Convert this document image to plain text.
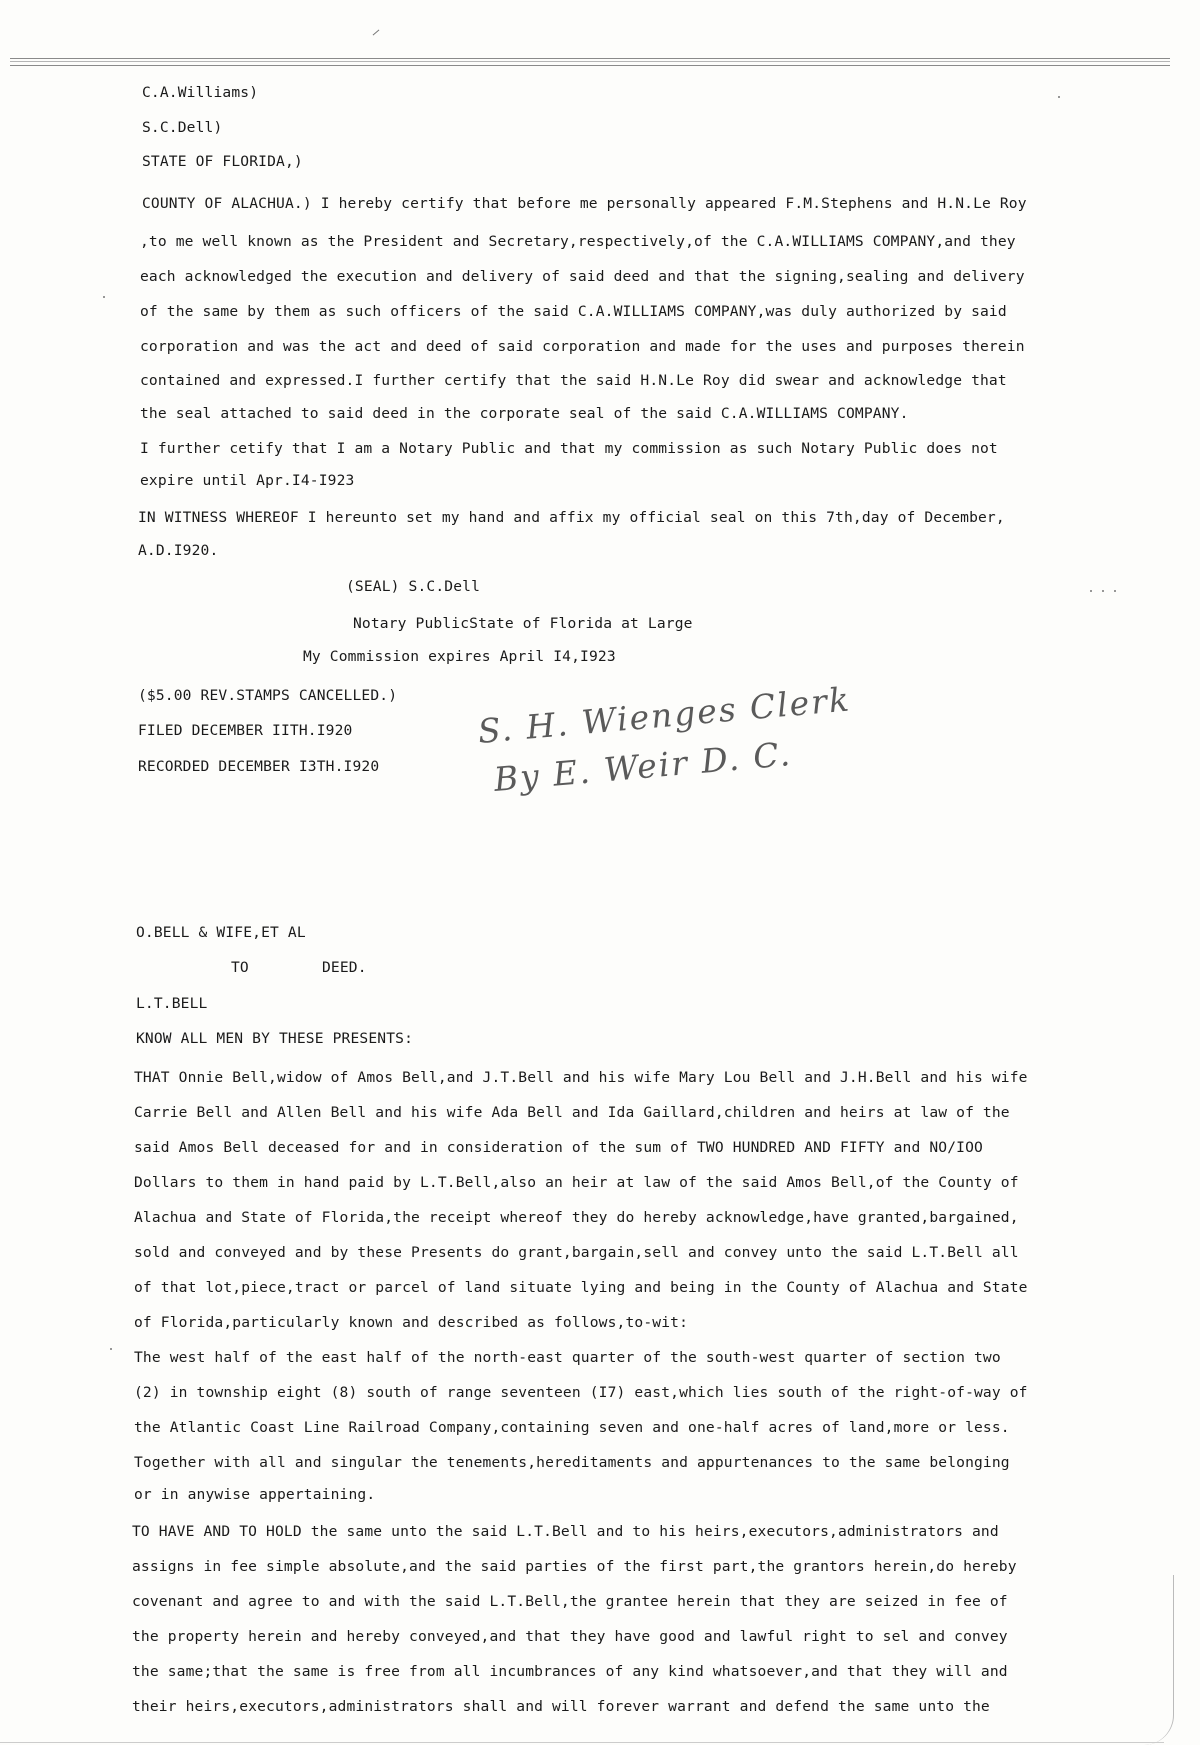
C.A.Williams)
S.C.Dell)
STATE OF FLORIDA,)
COUNTY OF ALACHUA.) I hereby certify that before me personally appeared F.M.Stephens and H.N.Le Roy
,to me well known as the President and Secretary,respectively,of the C.A.WILLIAMS COMPANY,and they
each acknowledged the execution and delivery of said deed and that the signing,sealing and delivery
of the same by them as such officers of the said C.A.WILLIAMS COMPANY,was duly authorized by said
corporation and was the act and deed of said corporation and made for the uses and purposes therein
contained and expressed.I further certify that the said H.N.Le Roy did swear and acknowledge that
the seal attached to said deed in the corporate seal of the said C.A.WILLIAMS COMPANY.
I further cetify that I am a Notary Public and that my commission as such Notary Public does not
expire until Apr.I4-I923
IN WITNESS WHEREOF I hereunto set my hand and affix my official seal on this 7th,day of December,
A.D.I920.
(SEAL) S.C.Dell
Notary PublicState of Florida at Large
My Commission expires April I4,I923
($5.00 REV.STAMPS CANCELLED.)
FILED DECEMBER IITH.I920
RECORDED DECEMBER I3TH.I920
S. H. Wienges Clerk
By E. Weir D. C.
O.BELL & WIFE,ET AL
TO	DEED.
L.T.BELL
KNOW ALL MEN BY THESE PRESENTS:
THAT Onnie Bell,widow of Amos Bell,and J.T.Bell and his wife Mary Lou Bell and J.H.Bell and his wife
Carrie Bell and Allen Bell and his wife Ada Bell and Ida Gaillard,children and heirs at law of the
said Amos Bell deceased for and in consideration of the sum of TWO HUNDRED AND FIFTY and NO/IOO
Dollars to them in hand paid by L.T.Bell,also an heir at law of the said Amos Bell,of the County of
Alachua and State of Florida,the receipt whereof they do hereby acknowledge,have granted,bargained,
sold and conveyed and by these Presents do grant,bargain,sell and convey unto the said L.T.Bell all
of that lot,piece,tract or parcel of land situate lying and being in the County of Alachua and State
of Florida,particularly known and described as follows,to-wit:
The west half of the east half of the north-east quarter of the south-west quarter of section two
(2) in township eight (8) south of range seventeen (I7) east,which lies south of the right-of-way of
the Atlantic Coast Line Railroad Company,containing seven and one-half acres of land,more or less.
Together with all and singular the tenements,hereditaments and appurtenances to the same belonging
or in anywise appertaining.
TO HAVE AND TO HOLD the same unto the said L.T.Bell and to his heirs,executors,administrators and
assigns in fee simple absolute,and the said parties of the first part,the grantors herein,do hereby
covenant and agree to and with the said L.T.Bell,the grantee herein that they are seized in fee of
the property herein and hereby conveyed,and that they have good and lawful right to sel and convey
the same;that the same is free from all incumbrances of any kind whatsoever,and that they will and
their heirs,executors,administrators shall and will forever warrant and defend the same unto the
